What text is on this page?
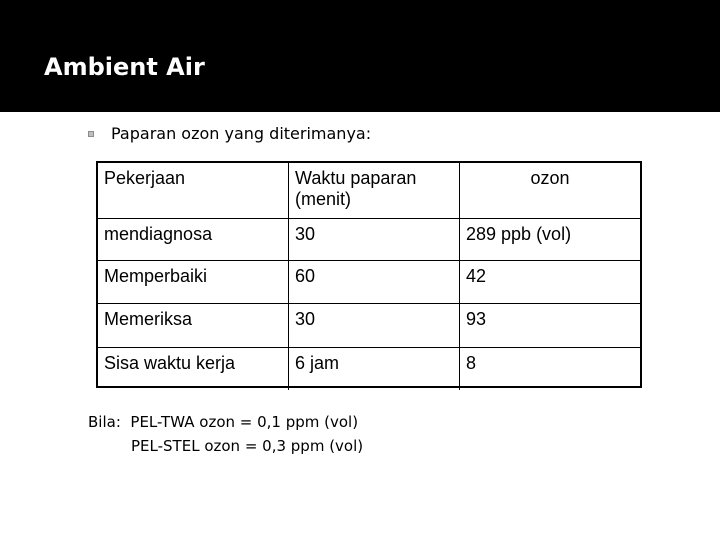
Ambient Air
Paparan ozon yang diterimanya:
Pekerjaan	Waktu paparan (menit)	ozon
mendiagnosa	30	289 ppb (vol)
Memperbaiki	60	42
Memeriksa	30	93
Sisa waktu kerja	6 jam	8
Bila:  PEL-TWA ozon = 0,1 ppm (vol)
PEL-STEL ozon = 0,3 ppm (vol)
